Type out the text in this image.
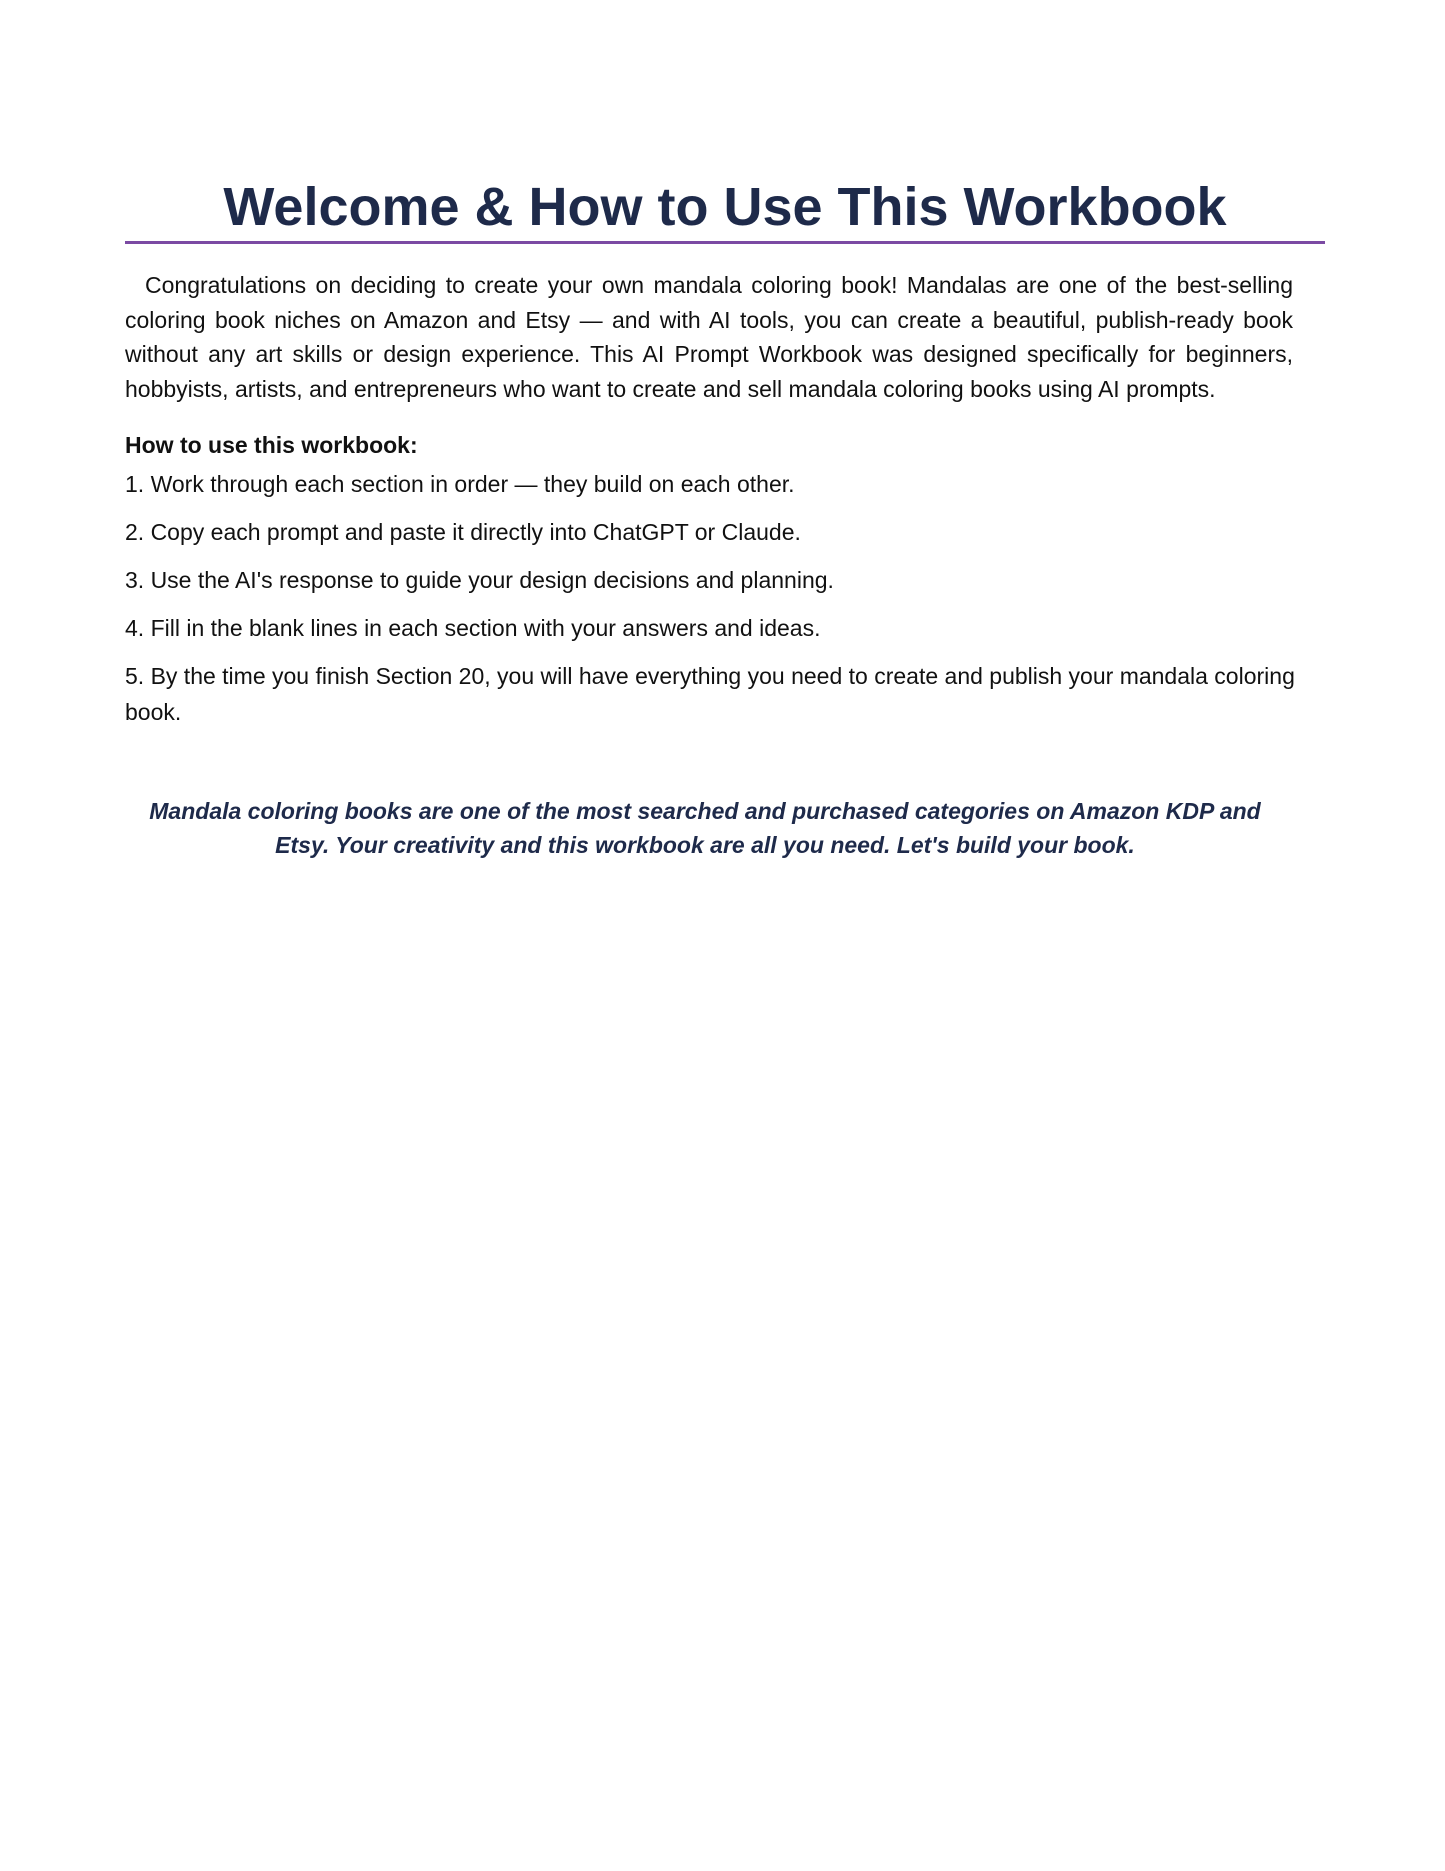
Welcome & How to Use This Workbook

Congratulations on deciding to create your own mandala coloring book! Mandalas are one of the best-selling coloring book niches on Amazon and Etsy — and with AI tools, you can create a beautiful, publish-ready book without any art skills or design experience. This AI Prompt Workbook was designed specifically for beginners, hobbyists, artists, and entrepreneurs who want to create and sell mandala coloring books using AI prompts.

How to use this workbook:

1. Work through each section in order — they build on each other.
2. Copy each prompt and paste it directly into ChatGPT or Claude.
3. Use the AI's response to guide your design decisions and planning.
4. Fill in the blank lines in each section with your answers and ideas.
5. By the time you finish Section 20, you will have everything you need to create and publish your mandala coloring book.

Mandala coloring books are one of the most searched and purchased categories on Amazon KDP and Etsy. Your creativity and this workbook are all you need. Let's build your book.
